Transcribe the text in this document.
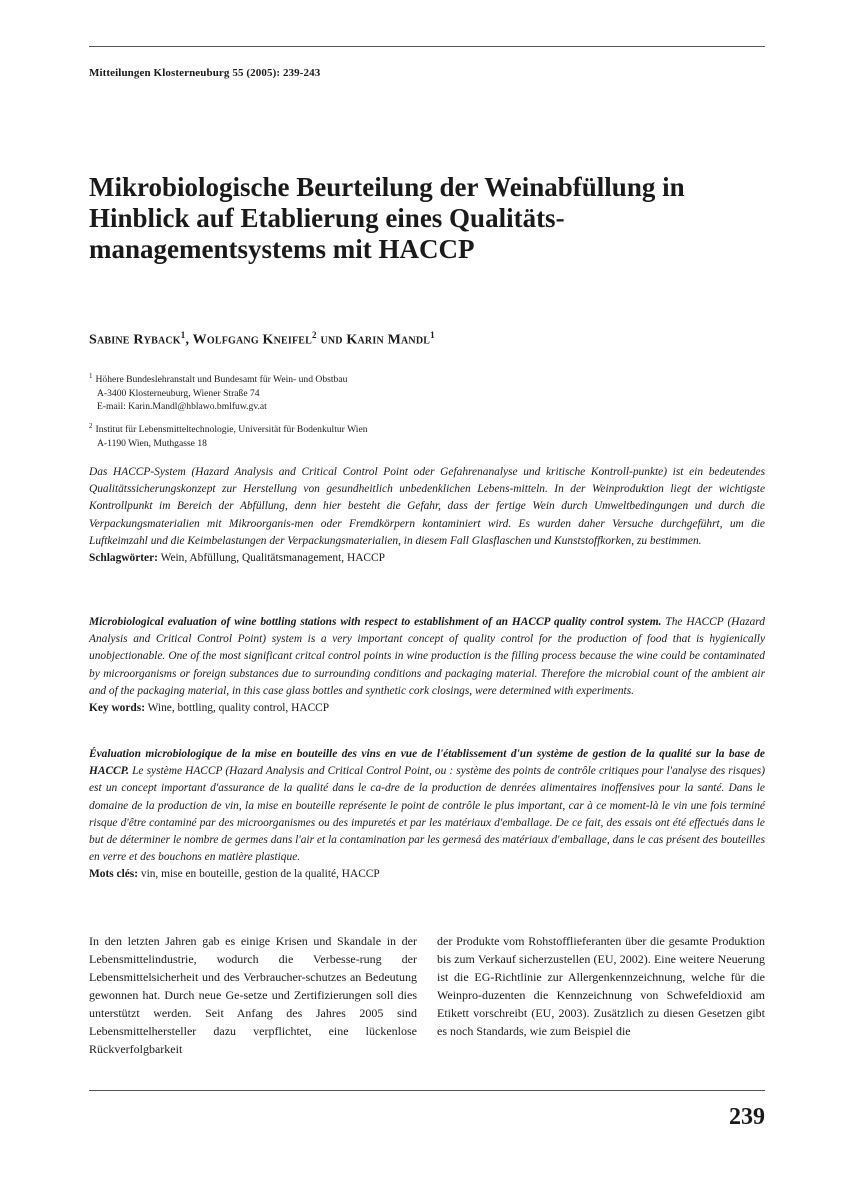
Mitteilungen Klosterneuburg 55 (2005): 239-243
Mikrobiologische Beurteilung der Weinabfüllung in
Hinblick auf Etablierung eines Qualitäts-
managementsystems mit HACCP
Sabine Ryback$^1$, Wolfgang Kneifel$^2$ und Karin Mandl$^1$
$^1$ Höhere Bundeslehranstalt und Bundesamt für Wein- und Obstbau
A-3400 Klosterneuburg, Wiener Straße 74
E-mail: Karin.Mandl@hblawo.bmlfuw.gv.at
$^2$ Institut für Lebensmitteltechnologie, Universität für Bodenkultur Wien
A-1190 Wien, Muthgasse 18

Das HACCP-System (Hazard Analysis and Critical Control Point oder Gefahrenanalyse und kritische Kontroll-punkte) ist ein bedeutendes Qualitätssicherungskonzept zur Herstellung von gesundheitlich unbedenklichen Lebens-mitteln. In der Weinproduktion liegt der wichtigste Kontrollpunkt im Bereich der Abfüllung, denn hier besteht die Gefahr, dass der fertige Wein durch Umweltbedingungen und durch die Verpackungsmaterialien mit Mikroorganis-men oder Fremdkörpern kontaminiert wird. Es wurden daher Versuche durchgeführt, um die Luftkeimzahl und die Keimbelastungen der Verpackungsmaterialien, in diesem Fall Glasflaschen und Kunststoffkorken, zu bestimmen.
Schlagwörter: Wein, Abfüllung, Qualitätsmanagement, HACCP

Microbiological evaluation of wine bottling stations with respect to establishment of an HACCP quality control system. The HACCP (Hazard Analysis and Critical Control Point) system is a very important concept of quality control for the production of food that is hygienically unobjectionable. One of the most significant critcal control points in wine production is the filling process because the wine could be contaminated by microorganisms or foreign substances due to surrounding conditions and packaging material. Therefore the microbial count of the ambient air and of the packaging material, in this case glass bottles and synthetic cork closings, were determined with experiments.
Key words: Wine, bottling, quality control, HACCP

Évaluation microbiologique de la mise en bouteille des vins en vue de l'établissement d'un système de gestion de la qualité sur la base de HACCP. Le système HACCP (Hazard Analysis and Critical Control Point, ou : système des points de contrôle critiques pour l'analyse des risques) est un concept important d'assurance de la qualité dans le ca-dre de la production de denrées alimentaires inoffensives pour la santé. Dans le domaine de la production de vin, la mise en bouteille représente le point de contrôle le plus important, car à ce moment-là le vin une fois terminé risque d'être contaminé par des microorganismes ou des impuretés et par les matériaux d'emballage. De ce fait, des essais ont été effectués dans le but de déterminer le nombre de germes dans l'air et la contamination par les germesá des matériaux d'emballage, dans le cas présent des bouteilles en verre et des bouchons en matière plastique.
Mots clés: vin, mise en bouteille, gestion de la qualité, HACCP

In den letzten Jahren gab es einige Krisen und Skandale in der Lebensmittelindustrie, wodurch die Verbesse-rung der Lebensmittelsicherheit und des Verbraucher-schutzes an Bedeutung gewonnen hat. Durch neue Ge-setze und Zertifizierungen soll dies unterstützt werden. Seit Anfang des Jahres 2005 sind Lebensmittelhersteller dazu verpflichtet, eine lückenlose Rückverfolgbarkeit

der Produkte vom Rohstofflieferanten über die gesamte Produktion bis zum Verkauf sicherzustellen (EU, 2002). Eine weitere Neuerung ist die EG-Richtlinie zur Allergenkennzeichnung, welche für die Weinpro-duzenten die Kennzeichnung von Schwefeldioxid am Etikett vorschreibt (EU, 2003). Zusätzlich zu diesen Gesetzen gibt es noch Standards, wie zum Beispiel die

239
